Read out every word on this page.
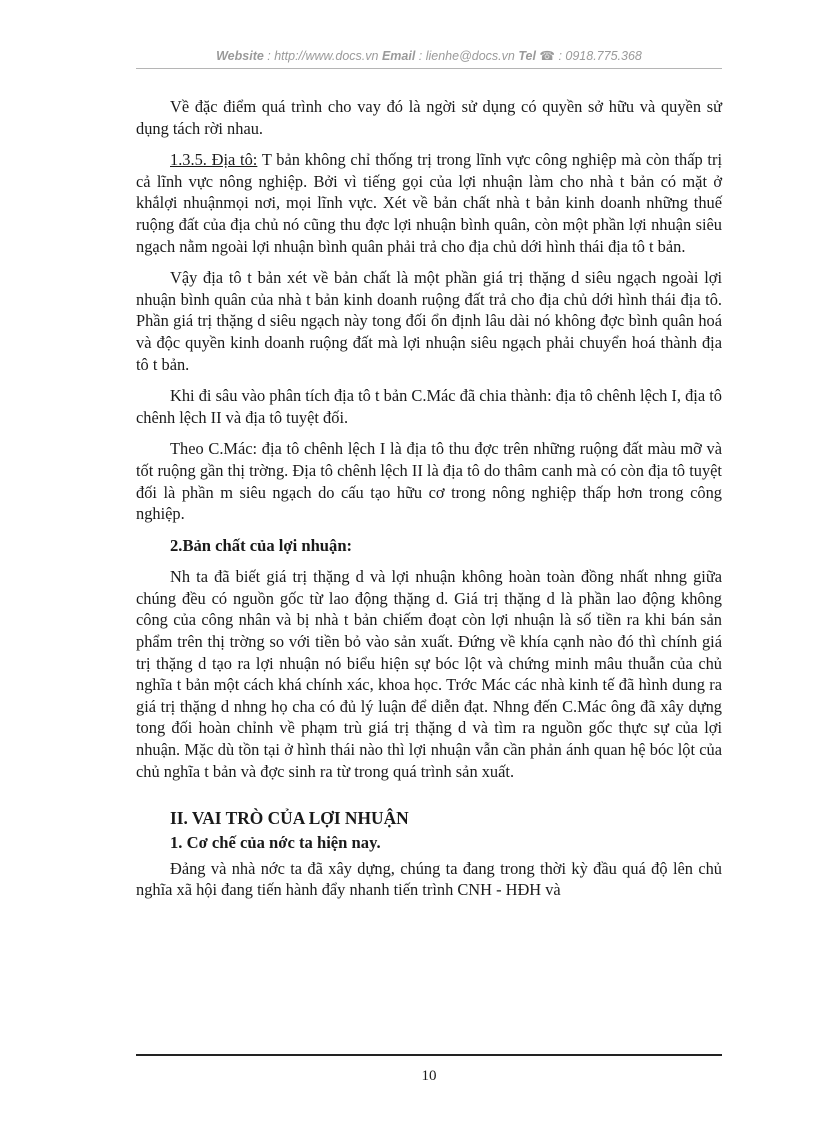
Website : http://www.docs.vn Email : lienhe@docs.vn Tel ☎ : 0918.775.368

Về đặc điểm quá trình cho vay đó là ngời sử dụng có quyền sở hữu và quyền sử dụng tách rời nhau.

1.3.5. Địa tô: T bản không chỉ thống trị trong lĩnh vực công nghiệp mà còn thấp trị cả lĩnh vực nông nghiệp. Bởi vì tiếng gọi của lợi nhuận làm cho nhà t bản có mặt ở khắlợi nhuậnmọi nơi, mọi lĩnh vực. Xét về bản chất nhà t bản kinh doanh những thuế ruộng đất của địa chủ nó cũng thu đợc lợi nhuận bình quân, còn một phần lợi nhuận siêu ngạch nằm ngoài lợi nhuận bình quân phải trả cho địa chủ dới hình thái địa tô t bản.

Vậy địa tô t bản xét về bản chất là một phần giá trị thặng d siêu ngạch ngoài lợi nhuận bình quân của nhà t bản kinh doanh ruộng đất trả cho địa chủ dới hình thái địa tô. Phần giá trị thặng d siêu ngạch này tong đối ổn định lâu dài nó không đợc bình quân hoá và độc quyền kinh doanh ruộng đất mà lợi nhuận siêu ngạch phải chuyển hoá thành địa tô t bản.

Khi đi sâu vào phân tích địa tô t bản C.Mác đã chia thành: địa tô chênh lệch I, địa tô chênh lệch II và địa tô tuyệt đối.

Theo C.Mác: địa tô chênh lệch I là địa tô thu đợc trên những ruộng đất màu mỡ và tốt ruộng gần thị trờng. Địa tô chênh lệch II là địa tô do thâm canh mà có còn địa tô tuyệt đối là phần m siêu ngạch do cấu tạo hữu cơ trong nông nghiệp thấp hơn trong công nghiệp.

2.Bản chất của lợi nhuận:

Nh ta đã biết giá trị thặng d và lợi nhuận không hoàn toàn đồng nhất nhng giữa chúng đều có nguồn gốc từ lao động thặng d. Giá trị thặng d là phần lao động không công của công nhân và bị nhà t bản chiếm đoạt còn lợi nhuận là số tiền ra khi bán sản phẩm trên thị trờng so với tiền bỏ vào sản xuất. Đứng về khía cạnh nào đó thì chính giá trị thặng d tạo ra lợi nhuận nó biểu hiện sự bóc lột và chứng minh mâu thuẫn của chủ nghĩa t bản một cách khá chính xác, khoa học. Trớc Mác các nhà kinh tế đã hình dung ra giá trị thặng d nhng họ cha có đủ lý luận để diễn đạt. Nhng đến C.Mác ông đã xây dựng tong đối hoàn chỉnh về phạm trù giá trị thặng d và tìm ra nguồn gốc thực sự của lợi nhuận. Mặc dù tồn tại ở hình thái nào thì lợi nhuận vẫn cần phản ánh quan hệ bóc lột của chủ nghĩa t bản và đợc sinh ra từ trong quá trình sản xuất.

II. VAI TRÒ CỦA LỢI NHUẬN
1. Cơ chế của nớc ta hiện nay.

Đảng và nhà nớc ta đã xây dựng, chúng ta đang trong thời kỳ đầu quá độ lên chủ nghĩa xã hội đang tiến hành đẩy nhanh tiến trình CNH - HĐH và

10
